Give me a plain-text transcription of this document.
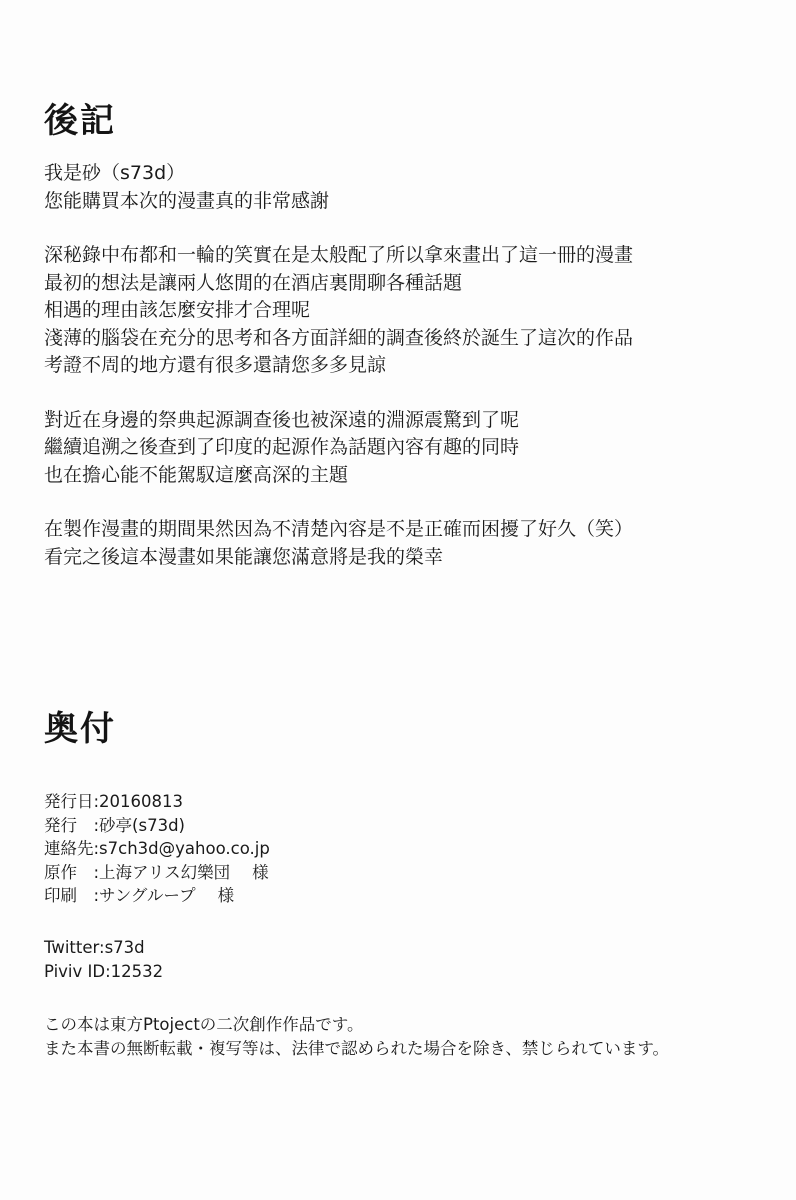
後記
我是砂（s73d）
您能購買本次的漫畫真的非常感謝
深秘錄中布都和一輪的笑實在是太般配了所以拿來畫出了這一冊的漫畫
最初的想法是讓兩人悠閒的在酒店裏閒聊各種話題
相遇的理由該怎麼安排才合理呢
淺薄的腦袋在充分的思考和各方面詳細的調查後終於誕生了這次的作品
考證不周的地方還有很多還請您多多見諒
對近在身邊的祭典起源調查後也被深遠的淵源震驚到了呢
繼續追溯之後查到了印度的起源作為話題內容有趣的同時
也在擔心能不能駕馭這麼高深的主題
在製作漫畫的期間果然因為不清楚內容是不是正確而困擾了好久（笑）
看完之後這本漫畫如果能讓您滿意將是我的榮幸
奥付
発行日:20160813
発行　:砂亭(s73d)
連絡先:s7ch3d@yahoo.co.jp
原作　:上海アリス幻樂団 様
印刷　:サングループ 様
Twitter:s73d
Piviv ID:12532
この本は東方Ptojectの二次創作作品です。
また本書の無断転載・複写等は、法律で認められた場合を除き、禁じられています。
